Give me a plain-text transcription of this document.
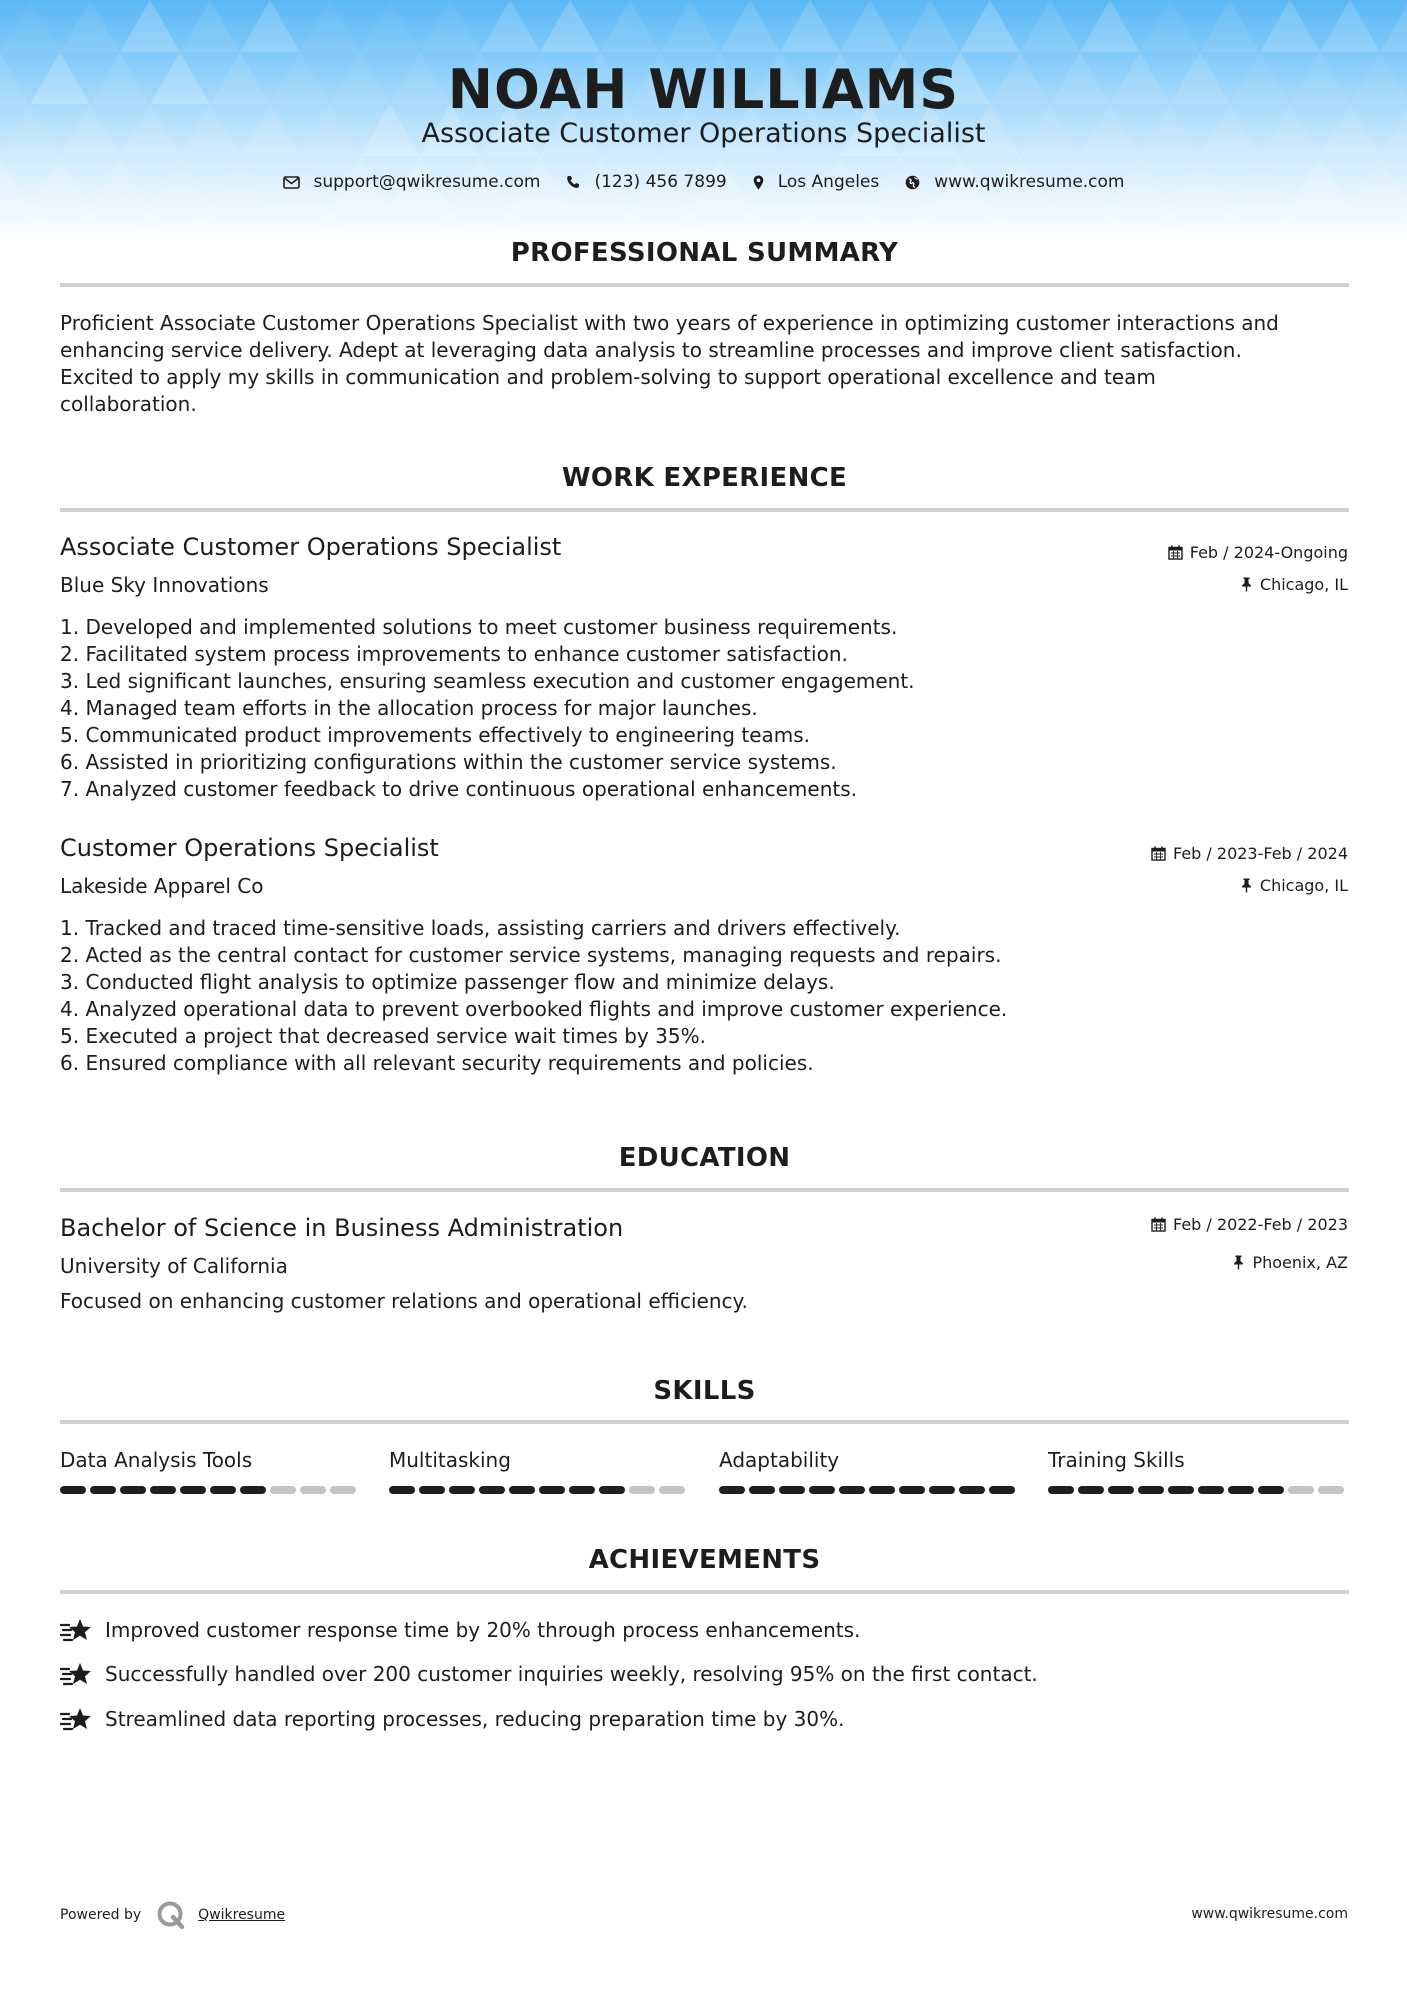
NOAH WILLIAMS
Associate Customer Operations Specialist
support@qwikresume.com	(123) 456 7899	Los Angeles	www.qwikresume.com
PROFESSIONAL SUMMARY
Proficient Associate Customer Operations Specialist with two years of experience in optimizing customer interactions and
enhancing service delivery. Adept at leveraging data analysis to streamline processes and improve client satisfaction.
Excited to apply my skills in communication and problem-solving to support operational excellence and team
collaboration.
WORK EXPERIENCE
Associate Customer Operations Specialist	Feb / 2024-Ongoing
Blue Sky Innovations	Chicago, IL
1. Developed and implemented solutions to meet customer business requirements.
2. Facilitated system process improvements to enhance customer satisfaction.
3. Led significant launches, ensuring seamless execution and customer engagement.
4. Managed team efforts in the allocation process for major launches.
5. Communicated product improvements effectively to engineering teams.
6. Assisted in prioritizing configurations within the customer service systems.
7. Analyzed customer feedback to drive continuous operational enhancements.
Customer Operations Specialist	Feb / 2023-Feb / 2024
Lakeside Apparel Co	Chicago, IL
1. Tracked and traced time-sensitive loads, assisting carriers and drivers effectively.
2. Acted as the central contact for customer service systems, managing requests and repairs.
3. Conducted flight analysis to optimize passenger flow and minimize delays.
4. Analyzed operational data to prevent overbooked flights and improve customer experience.
5. Executed a project that decreased service wait times by 35%.
6. Ensured compliance with all relevant security requirements and policies.
EDUCATION
Bachelor of Science in Business Administration	Feb / 2022-Feb / 2023
University of California	Phoenix, AZ
Focused on enhancing customer relations and operational efficiency.
SKILLS
Data Analysis Tools	Multitasking	Adaptability	Training Skills
ACHIEVEMENTS
Improved customer response time by 20% through process enhancements.
Successfully handled over 200 customer inquiries weekly, resolving 95% on the first contact.
Streamlined data reporting processes, reducing preparation time by 30%.
Powered by	Qwikresume	www.qwikresume.com
